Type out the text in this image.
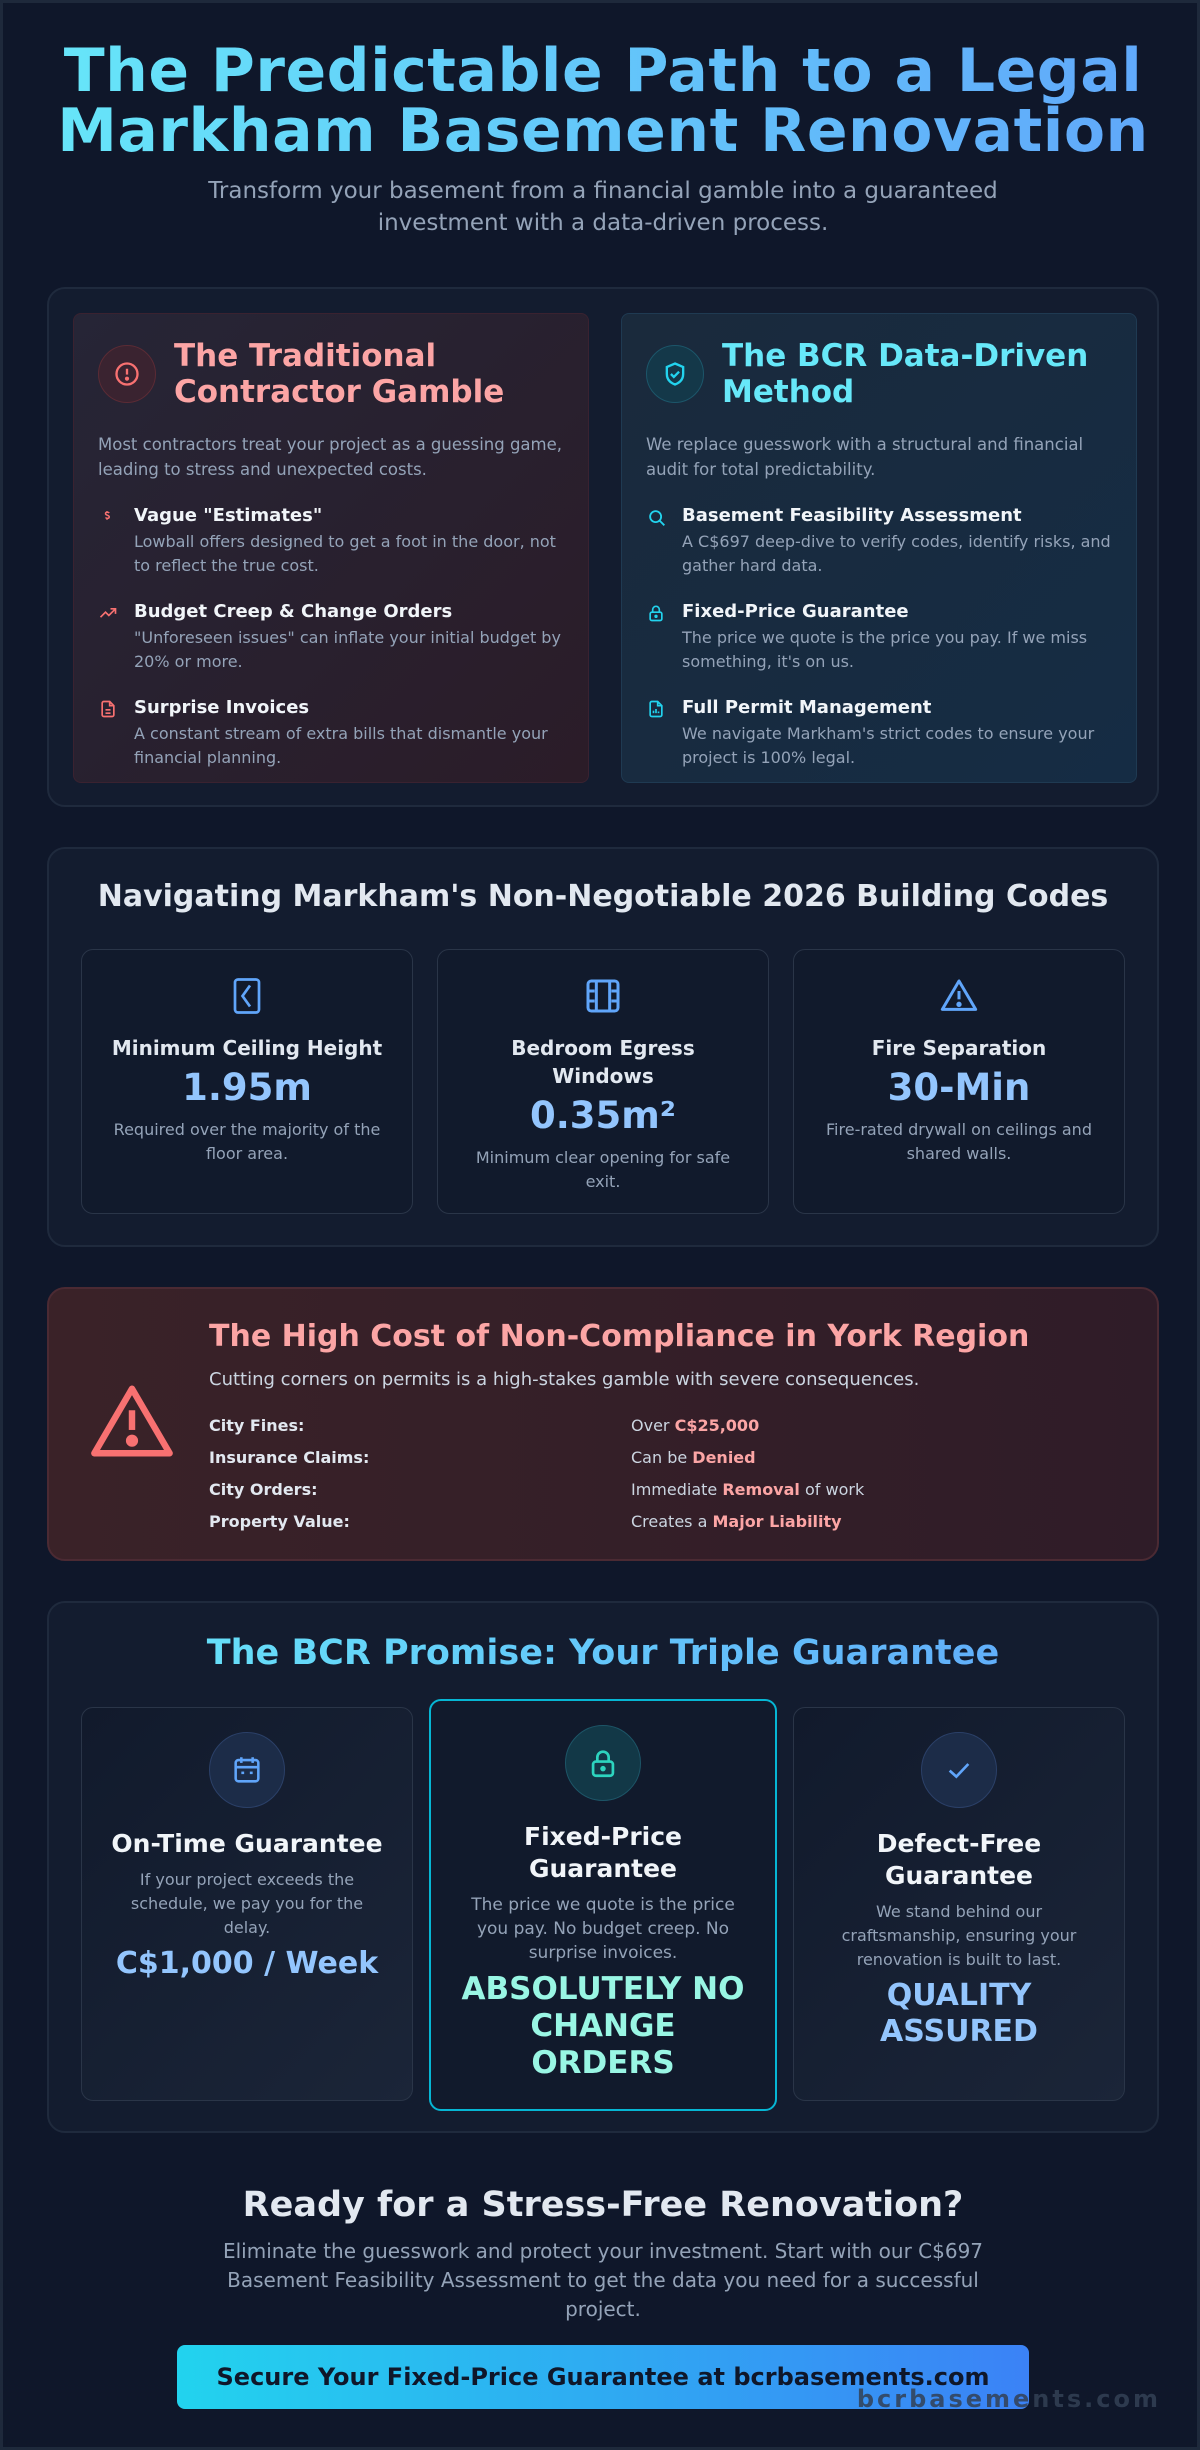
The Predictable Path to a Legal
Markham Basement Renovation

Transform your basement from a financial gamble into a guaranteed investment with a data-driven process.

The Traditional Contractor Gamble

Most contractors treat your project as a guessing game, leading to stress and unexpected costs.

Vague "Estimates"
Lowball offers designed to get a foot in the door, not to reflect the true cost.
Budget Creep & Change Orders
"Unforeseen issues" can inflate your initial budget by 20% or more.
Surprise Invoices
A constant stream of extra bills that dismantle your financial planning.
The BCR Data-Driven Method

We replace guesswork with a structural and financial audit for total predictability.

Basement Feasibility Assessment
A C$697 deep-dive to verify codes, identify risks, and gather hard data.
Fixed-Price Guarantee
The price we quote is the price you pay. If we miss something, it's on us.
Full Permit Management
We navigate Markham's strict codes to ensure your project is 100% legal.
Navigating Markham's Non-Negotiable 2026 Building Codes
Minimum Ceiling Height
1.95m
Required over the majority of the floor area.
Bedroom Egress Windows
0.35m²
Minimum clear opening for safe exit.
Fire Separation
30-Min
Fire-rated drywall on ceilings and shared walls.
The High Cost of Non-Compliance in York Region

Cutting corners on permits is a high-stakes gamble with severe consequences.

City Fines:	Over C$25,000
Insurance Claims:	Can be Denied
City Orders:	Immediate Removal of work
Property Value:	Creates a Major Liability
The BCR Promise: Your Triple Guarantee
On-Time Guarantee
If your project exceeds the schedule, we pay you for the delay.
C$1,000 / Week
Fixed-Price Guarantee
The price we quote is the price you pay. No budget creep. No surprise invoices.
ABSOLUTELY NO CHANGE ORDERS
Defect-Free Guarantee
We stand behind our craftsmanship, ensuring your renovation is built to last.
QUALITY ASSURED
Ready for a Stress-Free Renovation?

Eliminate the guesswork and protect your investment. Start with our C$697 Basement Feasibility Assessment to get the data you need for a successful project.

Secure Your Fixed-Price Guarantee at bcrbasements.com
bcrbasements.com
